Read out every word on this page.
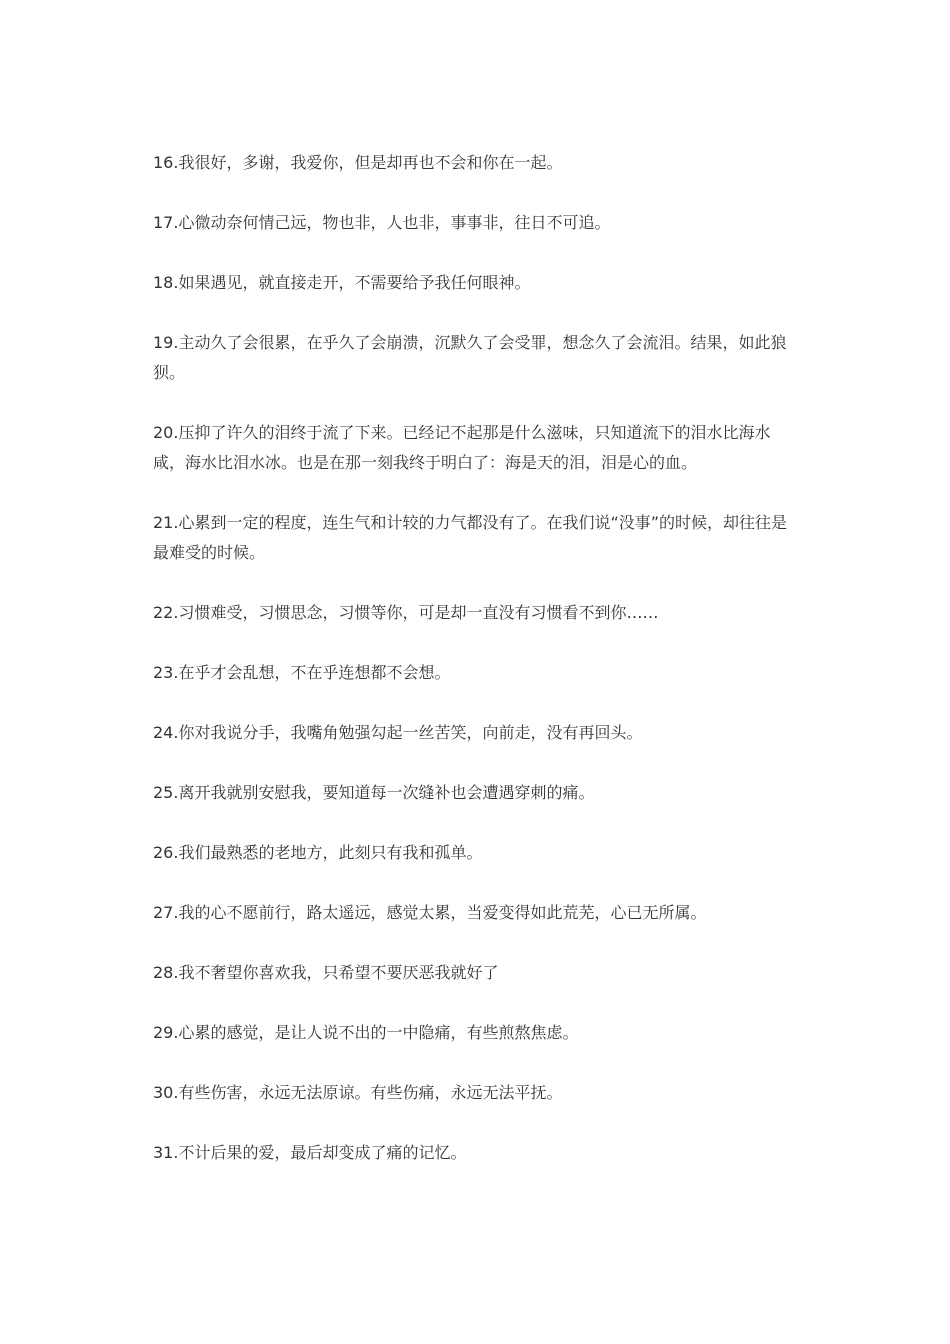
16.我很好，多谢，我爱你，但是却再也不会和你在一起。

17.心微动奈何情己远，物也非，人也非，事事非，往日不可追。

18.如果遇见，就直接走开，不需要给予我任何眼神。

19.主动久了会很累，在乎久了会崩溃，沉默久了会受罪，想念久了会流泪。结果，如此狼狈。

20.压抑了许久的泪终于流了下来。已经记不起那是什么滋味，只知道流下的泪水比海水咸，海水比泪水冰。也是在那一刻我终于明白了：海是天的泪，泪是心的血。

21.心累到一定的程度，连生气和计较的力气都没有了。在我们说“没事”的时候，却往往是最难受的时候。

22.习惯难受，习惯思念，习惯等你，可是却一直没有习惯看不到你……

23.在乎才会乱想，不在乎连想都不会想。

24.你对我说分手，我嘴角勉强勾起一丝苦笑，向前走，没有再回头。

25.离开我就别安慰我，要知道每一次缝补也会遭遇穿刺的痛。

26.我们最熟悉的老地方，此刻只有我和孤单。

27.我的心不愿前行，路太遥远，感觉太累，当爱变得如此荒芜，心已无所属。

28.我不奢望你喜欢我，只希望不要厌恶我就好了

29.心累的感觉，是让人说不出的一中隐痛，有些煎熬焦虑。

30.有些伤害，永远无法原谅。有些伤痛，永远无法平抚。

31.不计后果的爱，最后却变成了痛的记忆。
